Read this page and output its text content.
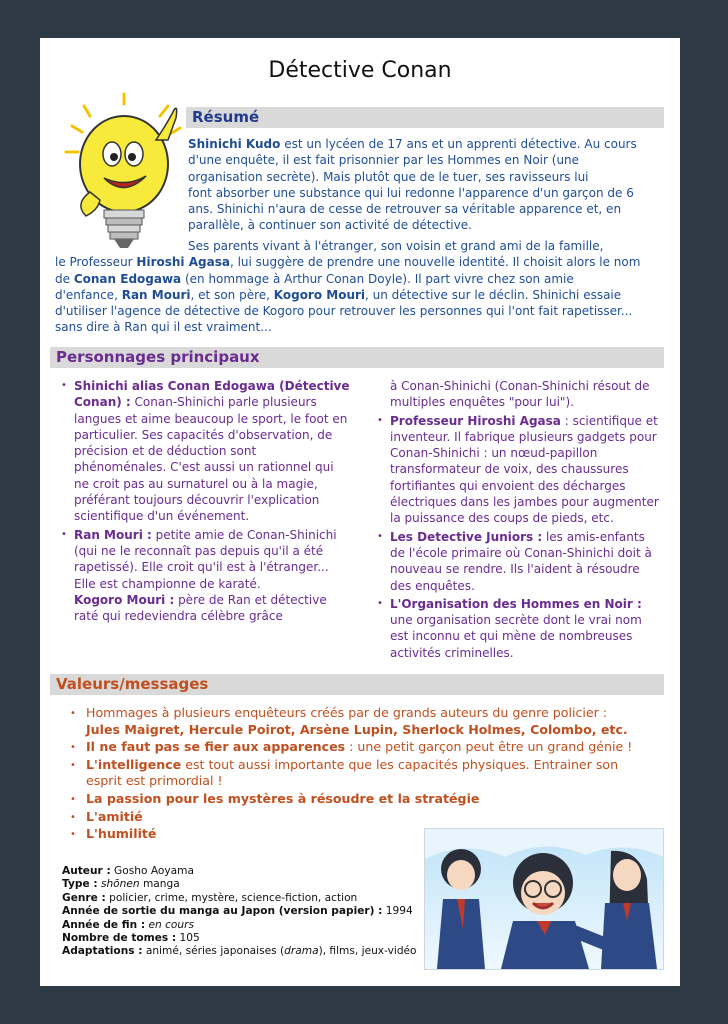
Détective Conan
Résumé
Shinichi Kudo est un lycéen de 17 ans et un apprenti détective. Au cours
d'une enquête, il est fait prisonnier par les Hommes en Noir (une
organisation secrète). Mais plutôt que de le tuer, ses ravisseurs lui
font absorber une substance qui lui redonne l'apparence d'un garçon de 6
ans. Shinichi n'aura de cesse de retrouver sa véritable apparence et, en
parallèle, à continuer son activité de détective.
Ses parents vivant à l'étranger, son voisin et grand ami de la famille,
le Professeur Hiroshi Agasa, lui suggère de prendre une nouvelle identité. Il choisit alors le nom
de Conan Edogawa (en hommage à Arthur Conan Doyle). Il part vivre chez son amie
d'enfance, Ran Mouri, et son père, Kogoro Mouri, un détective sur le déclin. Shinichi essaie
d'utiliser l'agence de détective de Kogoro pour retrouver les personnes qui l'ont fait rapetisser...
sans dire à Ran qui il est vraiment...
Personnages principaux
• Shinichi alias Conan Edogawa (Détective Conan) : Conan-Shinichi parle plusieurs langues et aime beaucoup le sport, le foot en particulier. Ses capacités d'observation, de précision et de déduction sont phénoménales. C'est aussi un rationnel qui ne croit pas au surnaturel ou à la magie, préférant toujours découvrir l'explication scientifique d'un événement.
• Ran Mouri : petite amie de Conan-Shinichi (qui ne le reconnaît pas depuis qu'il a été rapetissé). Elle croit qu'il est à l'étranger... Elle est championne de karaté.
Kogoro Mouri : père de Ran et détective raté qui redeviendra célèbre grâce
à Conan-Shinichi (Conan-Shinichi résout de multiples enquêtes "pour lui").
• Professeur Hiroshi Agasa : scientifique et inventeur. Il fabrique plusieurs gadgets pour Conan-Shinichi : un nœud-papillon transformateur de voix, des chaussures fortifiantes qui envoient des décharges électriques dans les jambes pour augmenter la puissance des coups de pieds, etc.
• Les Detective Juniors : les amis-enfants de l'école primaire où Conan-Shinichi doit à nouveau se rendre. Ils l'aident à résoudre des enquêtes.
• L'Organisation des Hommes en Noir : une organisation secrète dont le vrai nom est inconnu et qui mène de nombreuses activités criminelles.
Valeurs/messages
• Hommages à plusieurs enquêteurs créés par de grands auteurs du genre policier :
Jules Maigret, Hercule Poirot, Arsène Lupin, Sherlock Holmes, Colombo, etc.
• Il ne faut pas se fier aux apparences : une petit garçon peut être un grand génie !
• L'intelligence est tout aussi importante que les capacités physiques. Entrainer son esprit est primordial !
• La passion pour les mystères à résoudre et la stratégie
• L'amitié
• L'humilité
Auteur : Gosho Aoyama
Type : shōnen manga
Genre : policier, crime, mystère, science-fiction, action
Année de sortie du manga au Japon (version papier) : 1994
Année de fin : en cours
Nombre de tomes : 105
Adaptations : animé, séries japonaises (drama), films, jeux-vidéo
